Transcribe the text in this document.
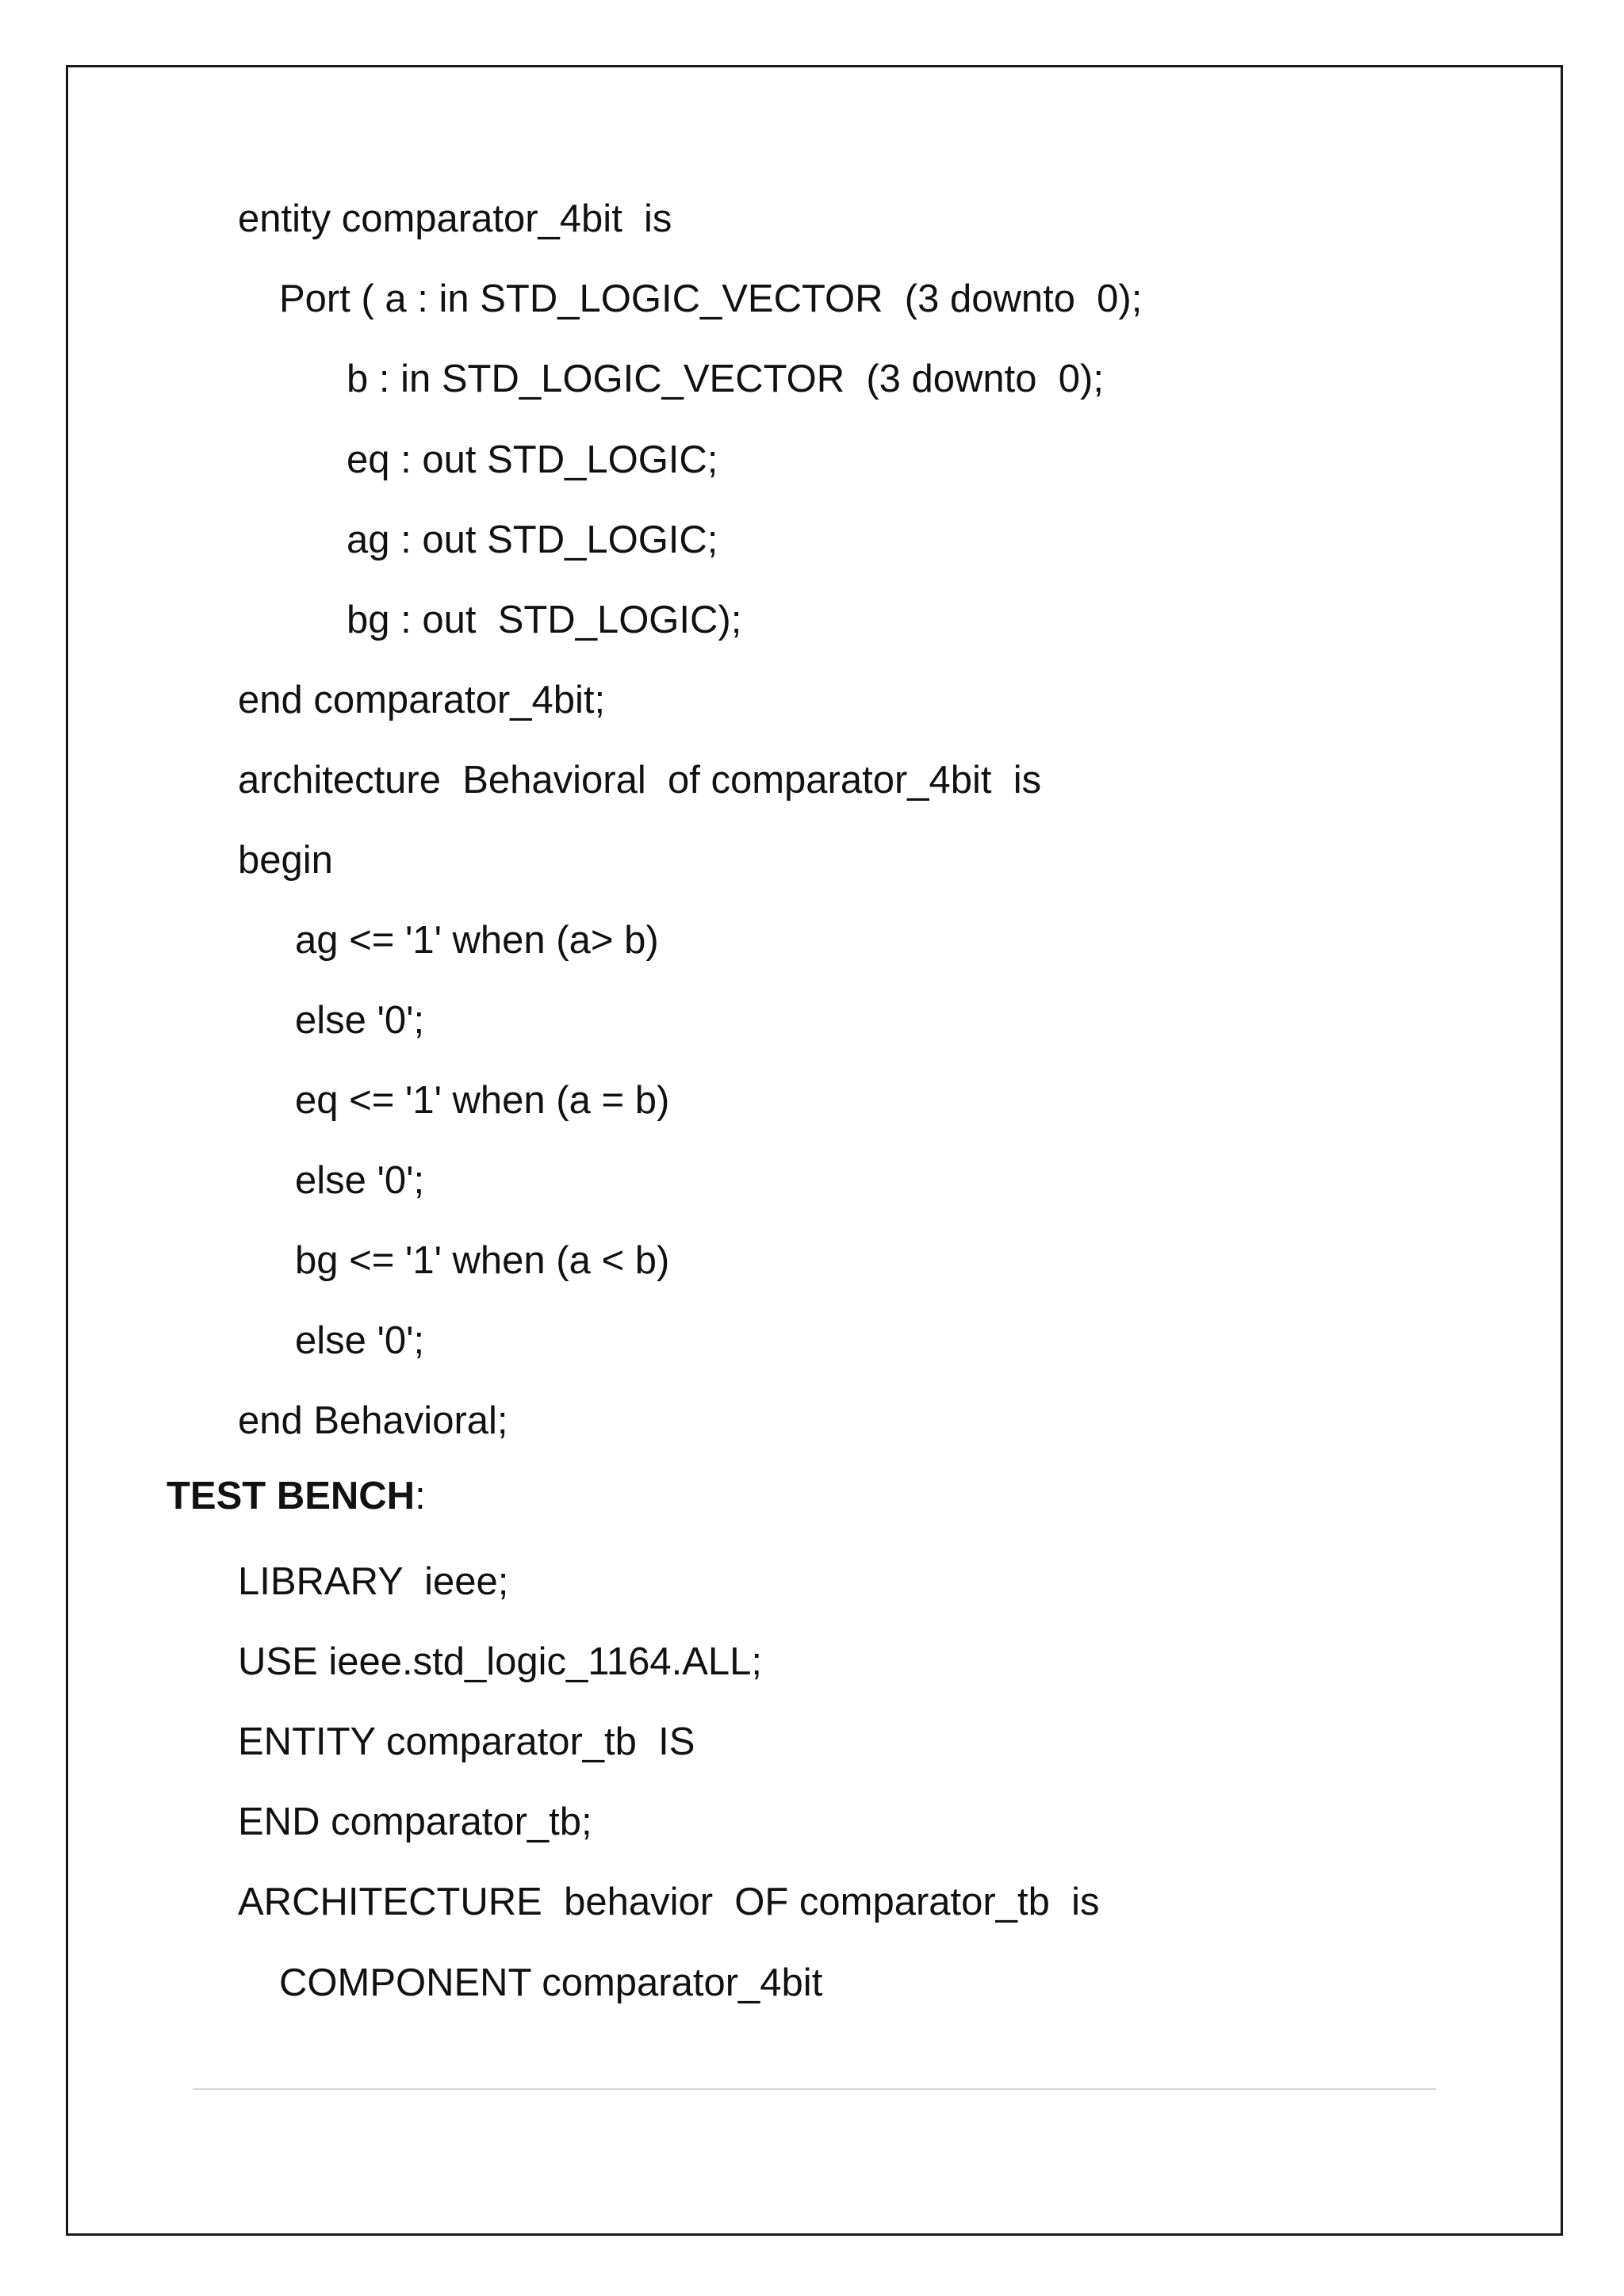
entity comparator_4bit  is
Port ( a : in STD_LOGIC_VECTOR  (3 downto  0);
b : in STD_LOGIC_VECTOR  (3 downto  0);
eq : out STD_LOGIC;
ag : out STD_LOGIC;
bg : out  STD_LOGIC);
end comparator_4bit;
architecture  Behavioral  of comparator_4bit  is
begin
ag <= '1' when (a> b)
else '0';
eq <= '1' when (a = b)
else '0';
bg <= '1' when (a < b)
else '0';
end Behavioral;
TEST BENCH:
LIBRARY  ieee;
USE ieee.std_logic_1164.ALL;
ENTITY comparator_tb  IS
END comparator_tb;
ARCHITECTURE  behavior  OF comparator_tb  is
COMPONENT comparator_4bit
